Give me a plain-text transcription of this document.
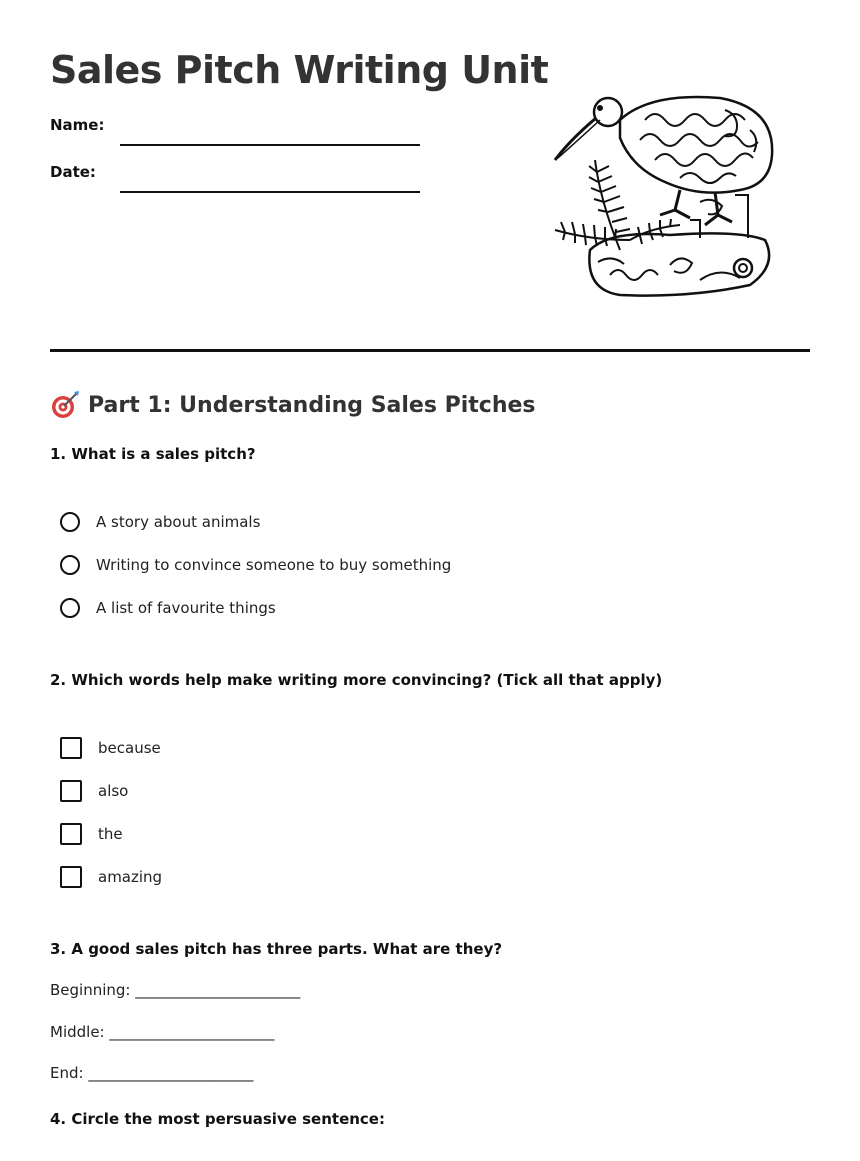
Sales Pitch Writing Unit
Name:
Date:
Part 1: Understanding Sales Pitches

1. What is a sales pitch?

A story about animals
Writing to convince someone to buy something
A list of favourite things

2. Which words help make writing more convincing? (Tick all that apply)

because
also
the
amazing

3. A good sales pitch has three parts. What are they?

Beginning: ______________________
Middle: ______________________
End: ______________________

4. Circle the most persuasive sentence:
